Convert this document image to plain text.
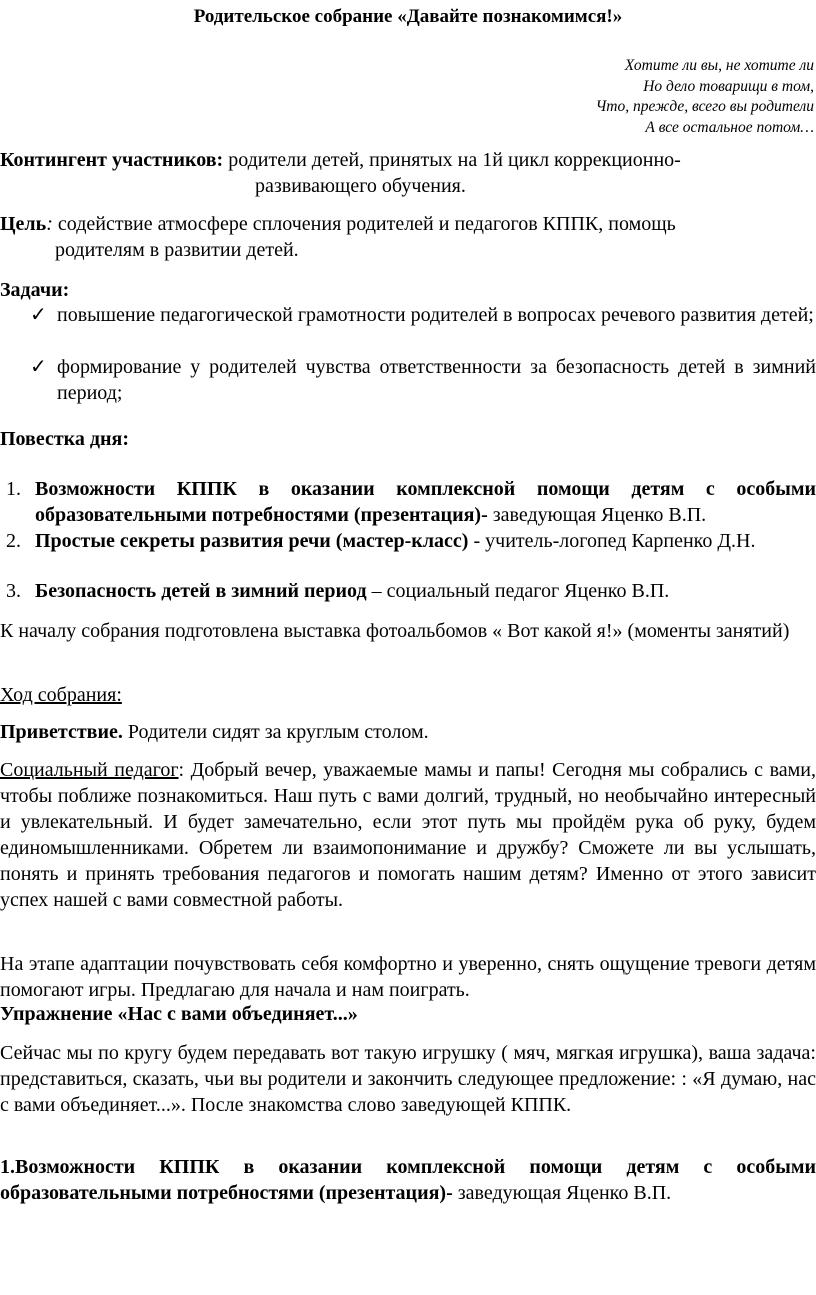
Родительское собрание «Давайте познакомимся!»
Хотите ли вы, не хотите ли
Но дело товарищи в том,
Что, прежде, всего вы родители
А все остальное потом…
Контингент участников: родители детей, принятых на 1й цикл коррекционно-
развивающего обучения.
Цель: содействие атмосфере сплочения родителей и педагогов КППК, помощь
родителям в развитии детей.
Задачи:
✓ повышение педагогической грамотности родителей в вопросах речевого развития детей;
✓ формирование у родителей чувства ответственности за безопасность детей в зимний период;
Повестка дня:
1. Возможности КППК в оказании комплексной помощи детям с особыми образовательными потребностями (презентация)- заведующая Яценко В.П.
2. Простые секреты развития речи (мастер-класс) - учитель-логопед Карпенко Д.Н.
3. Безопасность детей в зимний период – социальный педагог Яценко В.П.
К началу собрания подготовлена выставка фотоальбомов « Вот какой я!» (моменты занятий)
Ход собрания:
Приветствие. Родители сидят за круглым столом.
Социальный педагог: Добрый вечер, уважаемые мамы и папы! Сегодня мы собрались с вами, чтобы поближе познакомиться. Наш путь с вами долгий, трудный, но необычайно интересный и увлекательный. И будет замечательно, если этот путь мы пройдём рука об руку, будем единомышленниками. Обретем ли взаимопонимание и дружбу? Сможете ли вы услышать, понять и принять требования педагогов и помогать нашим детям? Именно от этого зависит успех нашей с вами совместной работы.
На этапе адаптации почувствовать себя комфортно и уверенно, снять ощущение тревоги детям помогают игры. Предлагаю для начала и нам поиграть.
Упражнение «Нас с вами объединяет...»
Сейчас мы по кругу будем передавать вот такую игрушку ( мяч, мягкая игрушка), ваша задача: представиться, сказать, чьи вы родители и закончить следующее предложение: : «Я думаю, нас с вами объединяет...». После знакомства слово заведующей КППК.
1.Возможности КППК в оказании комплексной помощи детям с особыми образовательными потребностями (презентация)- заведующая Яценко В.П.
